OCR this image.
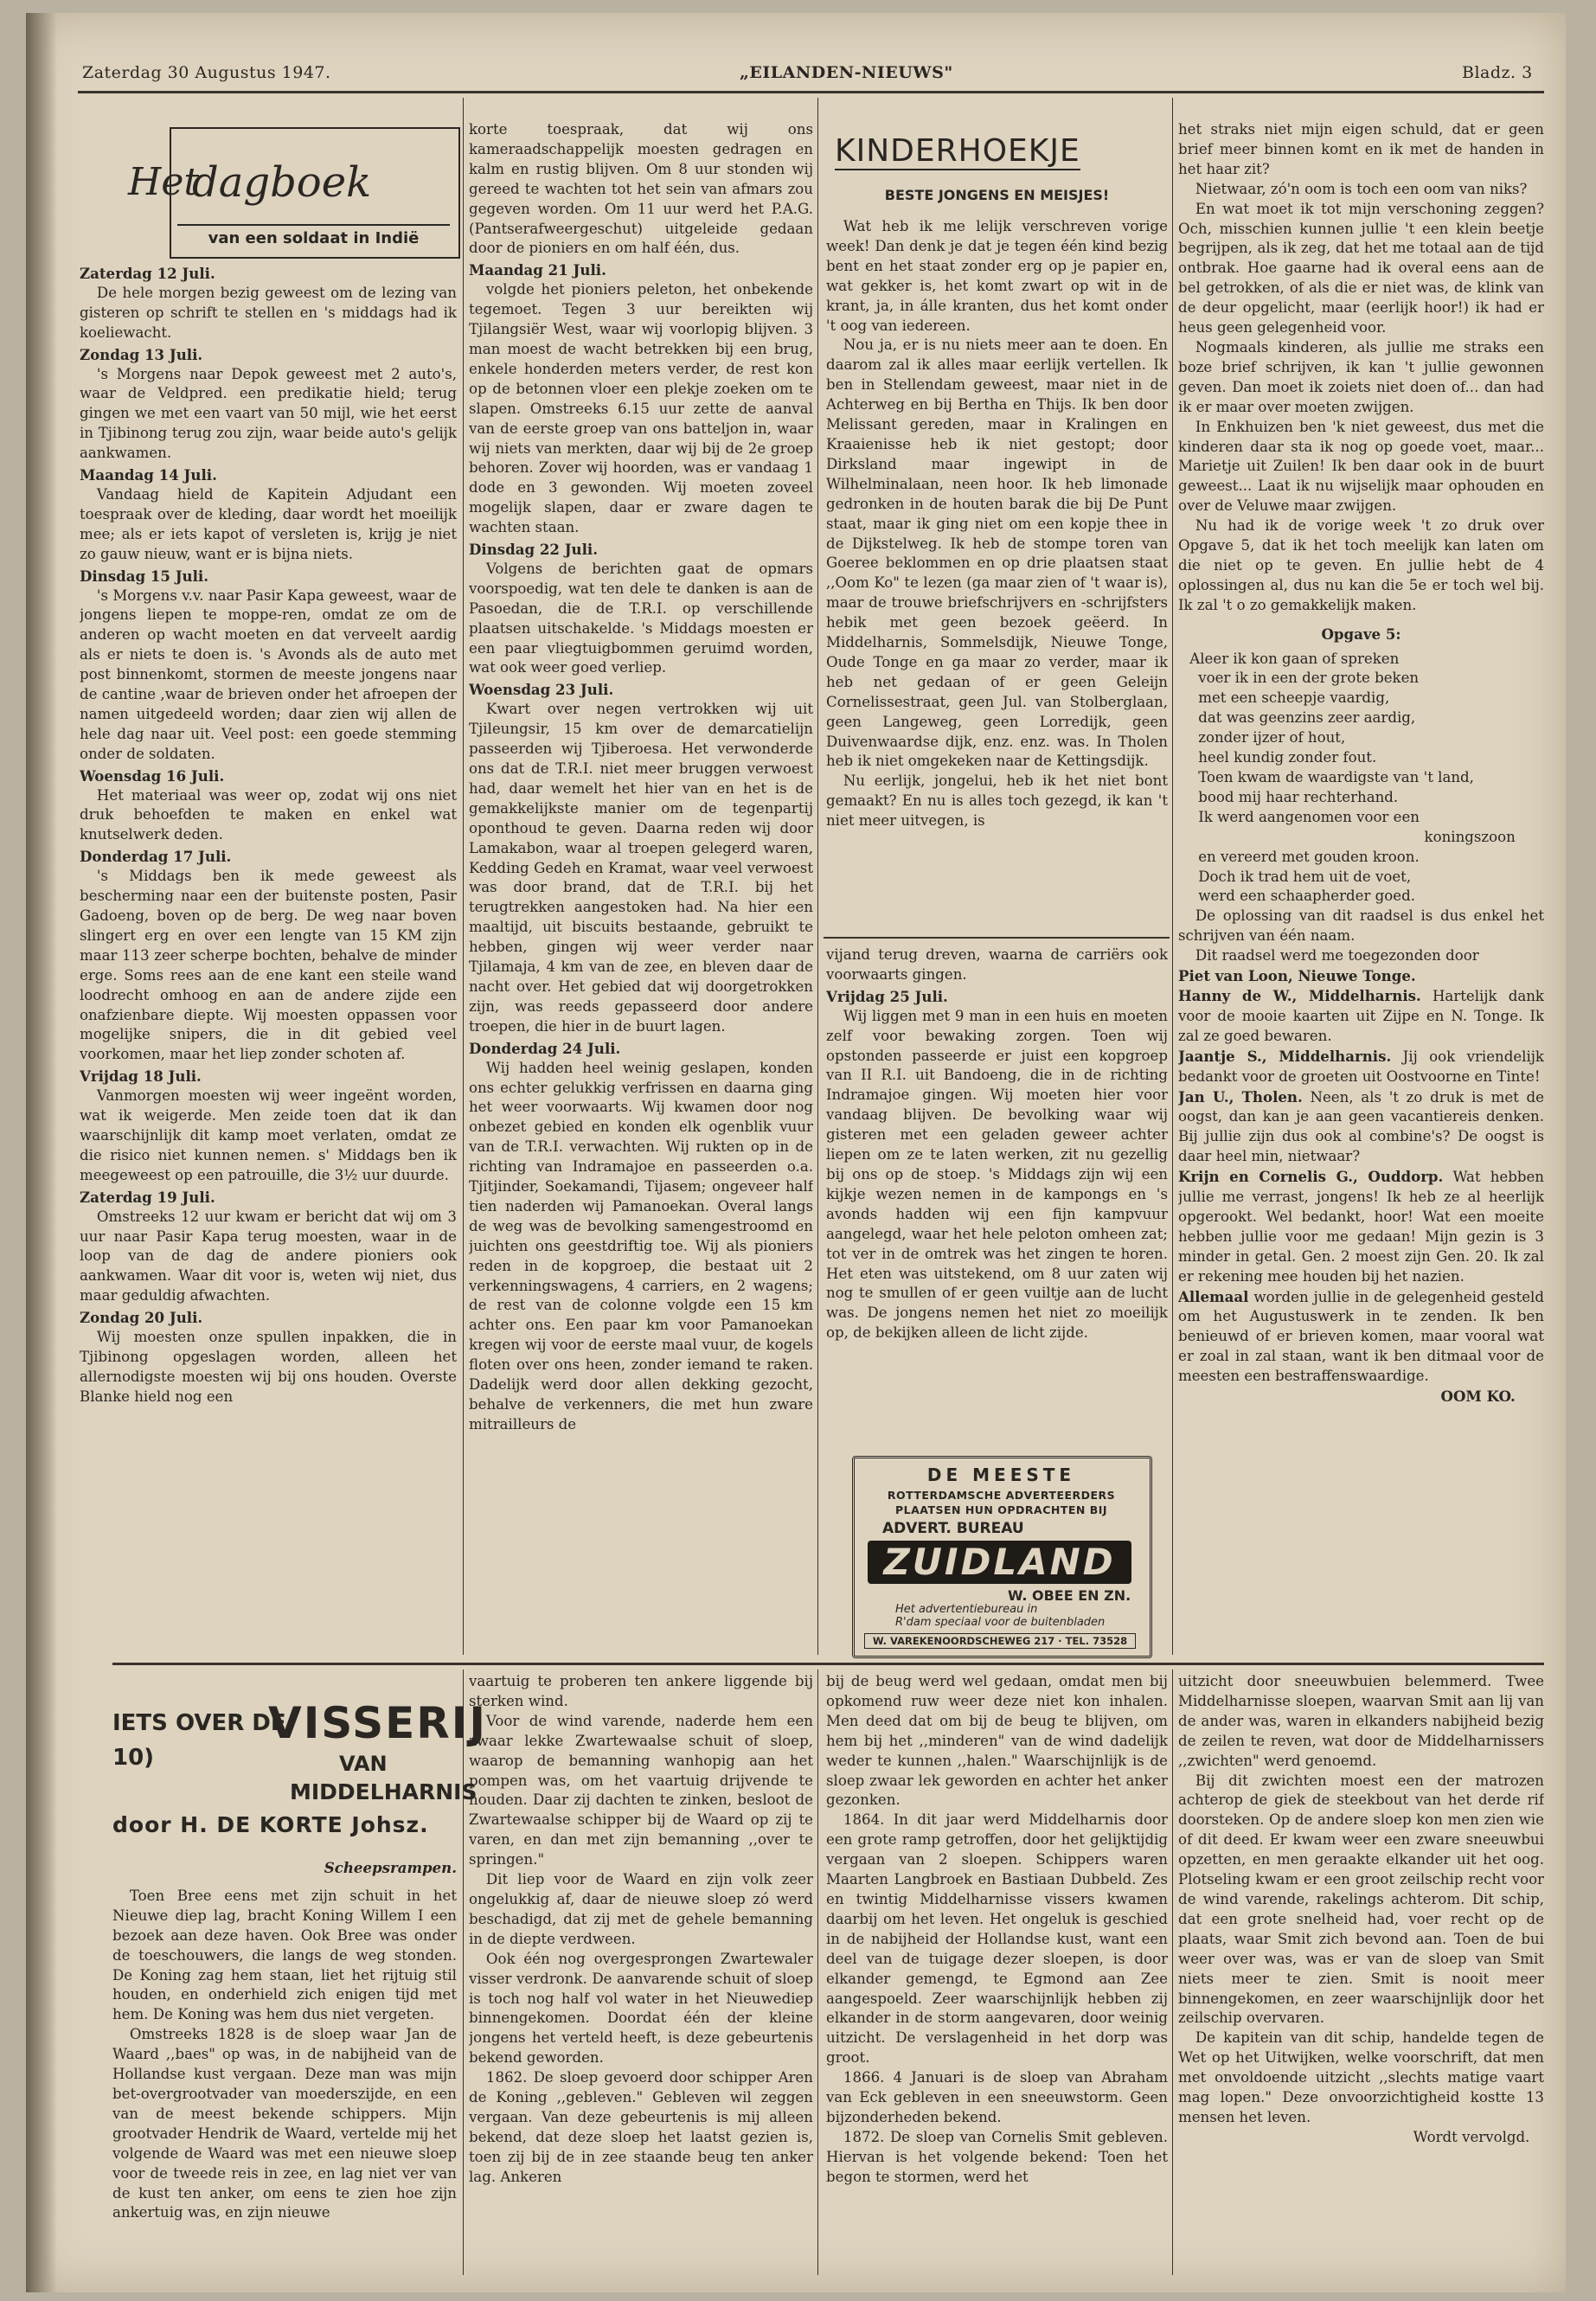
Zaterdag 30 Augustus 1947.	„EILANDEN-NIEUWS"	Bladz. 3
Het
dagboek
van een soldaat in Indië

Zaterdag 12 Juli.

De hele morgen bezig geweest om de lezing van gisteren op schrift te stellen en 's middags had ik koeliewacht.

Zondag 13 Juli.

's Morgens naar Depok geweest met 2 auto's, waar de Veldpred. een predikatie hield; terug gingen we met een vaart van 50 mijl, wie het eerst in Tjibinong terug zou zijn, waar beide auto's gelijk aankwamen.

Maandag 14 Juli.

Vandaag hield de Kapitein Adjudant een toespraak over de kleding, daar wordt het moeilijk mee; als er iets kapot of versleten is, krijg je niet zo gauw nieuw, want er is bijna niets.

Dinsdag 15 Juli.

's Morgens v.v. naar Pasir Kapa geweest, waar de jongens liepen te moppe-ren, omdat ze om de anderen op wacht moeten en dat verveelt aardig als er niets te doen is. 's Avonds als de auto met post binnenkomt, stormen de meeste jongens naar de cantine ,waar de brieven onder het afroepen der namen uitgedeeld worden; daar zien wij allen de hele dag naar uit. Veel post: een goede stemming onder de soldaten.

Woensdag 16 Juli.

Het materiaal was weer op, zodat wij ons niet druk behoefden te maken en enkel wat knutselwerk deden.

Donderdag 17 Juli.

's Middags ben ik mede geweest als bescherming naar een der buitenste posten, Pasir Gadoeng, boven op de berg. De weg naar boven slingert erg en over een lengte van 15 KM zijn maar 113 zeer scherpe bochten, behalve de minder erge. Soms rees aan de ene kant een steile wand loodrecht omhoog en aan de andere zijde een onafzienbare diepte. Wij moesten oppassen voor mogelijke snipers, die in dit gebied veel voorkomen, maar het liep zonder schoten af.

Vrijdag 18 Juli.

Vanmorgen moesten wij weer ingeënt worden, wat ik weigerde. Men zeide toen dat ik dan waarschijnlijk dit kamp moet verlaten, omdat ze die risico niet kunnen nemen. s' Middags ben ik meegeweest op een patrouille, die 3½ uur duurde.

Zaterdag 19 Juli.

Omstreeks 12 uur kwam er bericht dat wij om 3 uur naar Pasir Kapa terug moesten, waar in de loop van de dag de andere pioniers ook aankwamen. Waar dit voor is, weten wij niet, dus maar geduldig afwachten.

Zondag 20 Juli.

Wij moesten onze spullen inpakken, die in Tjibinong opgeslagen worden, alleen het allernodigste moesten wij bij ons houden. Overste Blanke hield nog een

korte toespraak, dat wij ons kameraadschappelijk moesten gedragen en kalm en rustig blijven. Om 8 uur stonden wij gereed te wachten tot het sein van afmars zou gegeven worden. Om 11 uur werd het P.A.G. (Pantserafweergeschut) uitgeleide gedaan door de pioniers en om half één, dus.

Maandag 21 Juli.

volgde het pioniers peleton, het onbekende tegemoet. Tegen 3 uur bereikten wij Tjilangsiër West, waar wij voorlopig blijven. 3 man moest de wacht betrekken bij een brug, enkele honderden meters verder, de rest kon op de betonnen vloer een plekje zoeken om te slapen. Omstreeks 6.15 uur zette de aanval van de eerste groep van ons batteljon in, waar wij niets van merkten, daar wij bij de 2e groep behoren. Zover wij hoorden, was er vandaag 1 dode en 3 gewonden. Wij moeten zoveel mogelijk slapen, daar er zware dagen te wachten staan.

Dinsdag 22 Juli.

Volgens de berichten gaat de opmars voorspoedig, wat ten dele te danken is aan de Pasoedan, die de T.R.I. op verschillende plaatsen uitschakelde. 's Middags moesten er een paar vliegtuigbommen geruimd worden, wat ook weer goed verliep.

Woensdag 23 Juli.

Kwart over negen vertrokken wij uit Tjileungsir, 15 km over de demarcatielijn passeerden wij Tjiberoesa. Het verwonderde ons dat de T.R.I. niet meer bruggen verwoest had, daar wemelt het hier van en het is de gemakkelijkste manier om de tegenpartij oponthoud te geven. Daarna reden wij door Lamakabon, waar al troepen gelegerd waren, Kedding Gedeh en Kramat, waar veel verwoest was door brand, dat de T.R.I. bij het terugtrekken aangestoken had. Na hier een maaltijd, uit biscuits bestaande, gebruikt te hebben, gingen wij weer verder naar Tjilamaja, 4 km van de zee, en bleven daar de nacht over. Het gebied dat wij doorgetrokken zijn, was reeds gepasseerd door andere troepen, die hier in de buurt lagen.

Donderdag 24 Juli.

Wij hadden heel weinig geslapen, konden ons echter gelukkig verfrissen en daarna ging het weer voorwaarts. Wij kwamen door nog onbezet gebied en konden elk ogenblik vuur van de T.R.I. verwachten. Wij rukten op in de richting van Indramajoe en passeerden o.a. Tjitjinder, Soekamandi, Tijasem; ongeveer half tien naderden wij Pamanoekan. Overal langs de weg was de bevolking samengestroomd en juichten ons geestdriftig toe. Wij als pioniers reden in de kopgroep, die bestaat uit 2 verkenningswagens, 4 carriers, en 2 wagens; de rest van de colonne volgde een 15 km achter ons. Een paar km voor Pamanoekan kregen wij voor de eerste maal vuur, de kogels floten over ons heen, zonder iemand te raken. Dadelijk werd door allen dekking gezocht, behalve de verkenners, die met hun zware mitrailleurs de

KINDERHOEKJE
BESTE JONGENS EN MEISJES!

Wat heb ik me lelijk verschreven vorige week! Dan denk je dat je tegen één kind bezig bent en het staat zonder erg op je papier en, wat gekker is, het komt zwart op wit in de krant, ja, in álle kranten, dus het komt onder 't oog van iedereen.

Nou ja, er is nu niets meer aan te doen. En daarom zal ik alles maar eerlijk vertellen. Ik ben in Stellendam geweest, maar niet in de Achterweg en bij Bertha en Thijs. Ik ben door Melissant gereden, maar in Kralingen en Kraaienisse heb ik niet gestopt; door Dirksland maar ingewipt in de Wilhelminalaan, neen hoor. Ik heb limonade gedronken in de houten barak die bij De Punt staat, maar ik ging niet om een kopje thee in de Dijkstelweg. Ik heb de stompe toren van Goeree beklommen en op drie plaatsen staat ,,Oom Ko" te lezen (ga maar zien of 't waar is), maar de trouwe briefschrijvers en -schrijfsters hebik met geen bezoek geëerd. In Middelharnis, Sommelsdijk, Nieuwe Tonge, Oude Tonge en ga maar zo verder, maar ik heb net gedaan of er geen Geleijn Cornelissestraat, geen Jul. van Stolberglaan, geen Langeweg, geen Lorredijk, geen Duivenwaardse dijk, enz. enz. was. In Tholen heb ik niet omgekeken naar de Kettingsdijk.

Nu eerlijk, jongelui, heb ik het niet bont gemaakt? En nu is alles toch gezegd, ik kan 't niet meer uitvegen, is

vijand terug dreven, waarna de carriërs ook voorwaarts gingen.

Vrijdag 25 Juli.

Wij liggen met 9 man in een huis en moeten zelf voor bewaking zorgen. Toen wij opstonden passeerde er juist een kopgroep van II R.I. uit Bandoeng, die in de richting Indramajoe gingen. Wij moeten hier voor vandaag blijven. De bevolking waar wij gisteren met een geladen geweer achter liepen om ze te laten werken, zit nu gezellig bij ons op de stoep. 's Middags zijn wij een kijkje wezen nemen in de kampongs en 's avonds hadden wij een fijn kampvuur aangelegd, waar het hele peloton omheen zat; tot ver in de omtrek was het zingen te horen. Het eten was uitstekend, om 8 uur zaten wij nog te smullen of er geen vuiltje aan de lucht was. De jongens nemen het niet zo moeilijk op, de bekijken alleen de licht zijde.

het straks niet mijn eigen schuld, dat er geen brief meer binnen komt en ik met de handen in het haar zit?

Nietwaar, zó'n oom is toch een oom van niks?

En wat moet ik tot mijn verschoning zeggen? Och, misschien kunnen jullie 't een klein beetje begrijpen, als ik zeg, dat het me totaal aan de tijd ontbrak. Hoe gaarne had ik overal eens aan de bel getrokken, of als die er niet was, de klink van de deur opgelicht, maar (eerlijk hoor!) ik had er heus geen gelegenheid voor.

Nogmaals kinderen, als jullie me straks een boze brief schrijven, ik kan 't jullie gewonnen geven. Dan moet ik zoiets niet doen of... dan had ik er maar over moeten zwijgen.

In Enkhuizen ben 'k niet geweest, dus met die kinderen daar sta ik nog op goede voet, maar... Marietje uit Zuilen! Ik ben daar ook in de buurt geweest... Laat ik nu wijselijk maar ophouden en over de Veluwe maar zwijgen.

Nu had ik de vorige week 't zo druk over Opgave 5, dat ik het toch meelijk kan laten om die niet op te geven. En jullie hebt de 4 oplossingen al, dus nu kan die 5e er toch wel bij. Ik zal 't o zo gemakkelijk maken.

Opgave 5:

Aleer ik kon gaan of spreken

voer ik in een der grote beken

met een scheepje vaardig,

dat was geenzins zeer aardig,

zonder ijzer of hout,

heel kundig zonder fout.

Toen kwam de waardigste van 't land,

bood mij haar rechterhand.

Ik werd aangenomen voor een

koningszoon

en vereerd met gouden kroon.

Doch ik trad hem uit de voet,

werd een schaapherder goed.

De oplossing van dit raadsel is dus enkel het schrijven van één naam.

Dit raadsel werd me toegezonden door

Piet van Loon, Nieuwe Tonge.

Hanny de W., Middelharnis. Hartelijk dank voor de mooie kaarten uit Zijpe en N. Tonge. Ik zal ze goed bewaren.

Jaantje S., Middelharnis. Jij ook vriendelijk bedankt voor de groeten uit Oostvoorne en Tinte!

Jan U., Tholen. Neen, als 't zo druk is met de oogst, dan kan je aan geen vacantiereis denken. Bij jullie zijn dus ook al combine's? De oogst is daar heel min, nietwaar?

Krijn en Cornelis G., Ouddorp. Wat hebben jullie me verrast, jongens! Ik heb ze al heerlijk opgerookt. Wel bedankt, hoor! Wat een moeite hebben jullie voor me gedaan! Mijn gezin is 3 minder in getal. Gen. 2 moest zijn Gen. 20. Ik zal er rekening mee houden bij het nazien.

Allemaal worden jullie in de gelegenheid gesteld om het Augustuswerk in te zenden. Ik ben benieuwd of er brieven komen, maar vooral wat er zoal in zal staan, want ik ben ditmaal voor de meesten een bestraffenswaardige.

OOM KO.

DE MEESTE
ROTTERDAMSCHE ADVERTEERDERS
PLAATSEN HUN OPDRACHTEN BIJ
ADVERT. BUREAU
ZUIDLAND
W. OBEE EN ZN.
Het advertentiebureau in
R'dam speciaal voor de buitenbladen
W. VAREKENOORDSCHEWEG 217 · TEL. 73528
IETS OVER DE
VISSERIJ
10)	VAN
MIDDELHARNIS
door H. DE KORTE Johsz.

Scheepsrampen.

Toen Bree eens met zijn schuit in het Nieuwe diep lag, bracht Koning Willem I een bezoek aan deze haven. Ook Bree was onder de toeschouwers, die langs de weg stonden. De Koning zag hem staan, liet het rijtuig stil houden, en onderhield zich enigen tijd met hem. De Koning was hem dus niet vergeten.

Omstreeks 1828 is de sloep waar Jan de Waard ,,baes" op was, in de nabijheid van de Hollandse kust vergaan. Deze man was mijn bet-overgrootvader van moederszijde, en een van de meest bekende schippers. Mijn grootvader Hendrik de Waard, vertelde mij het volgende de Waard was met een nieuwe sloep voor de tweede reis in zee, en lag niet ver van de kust ten anker, om eens te zien hoe zijn ankertuig was, en zijn nieuwe

vaartuig te proberen ten ankere liggende bij sterken wind.

Voor de wind varende, naderde hem een zwaar lekke Zwartewaalse schuit of sloep, waarop de bemanning wanhopig aan het pompen was, om het vaartuig drijvende te houden. Daar zij dachten te zinken, besloot de Zwartewaalse schipper bij de Waard op zij te varen, en dan met zijn bemanning ,,over te springen."

Dit liep voor de Waard en zijn volk zeer ongelukkig af, daar de nieuwe sloep zó werd beschadigd, dat zij met de gehele bemanning in de diepte verdween.

Ook één nog overgesprongen Zwartewaler visser verdronk. De aanvarende schuit of sloep is toch nog half vol water in het Nieuwediep binnengekomen. Doordat één der kleine jongens het verteld heeft, is deze gebeurtenis bekend geworden.

1862. De sloep gevoerd door schipper Aren de Koning ,,gebleven." Gebleven wil zeggen vergaan. Van deze gebeurtenis is mij alleen bekend, dat deze sloep het laatst gezien is, toen zij bij de in zee staande beug ten anker lag. Ankeren

bij de beug werd wel gedaan, omdat men bij opkomend ruw weer deze niet kon inhalen. Men deed dat om bij de beug te blijven, om hem bij het ,,minderen" van de wind dadelijk weder te kunnen ,,halen." Waarschijnlijk is de sloep zwaar lek geworden en achter het anker gezonken.

1864. In dit jaar werd Middelharnis door een grote ramp getroffen, door het gelijktijdig vergaan van 2 sloepen. Schippers waren Maarten Langbroek en Bastiaan Dubbeld. Zes en twintig Middelharnisse vissers kwamen daarbij om het leven. Het ongeluk is geschied in de nabijheid der Hollandse kust, want een deel van de tuigage dezer sloepen, is door elkander gemengd, te Egmond aan Zee aangespoeld. Zeer waarschijnlijk hebben zij elkander in de storm aangevaren, door weinig uitzicht. De verslagenheid in het dorp was groot.

1866. 4 Januari is de sloep van Abraham van Eck gebleven in een sneeuwstorm. Geen bijzonderheden bekend.

1872. De sloep van Cornelis Smit gebleven. Hiervan is het volgende bekend: Toen het begon te stormen, werd het

uitzicht door sneeuwbuien belemmerd. Twee Middelharnisse sloepen, waarvan Smit aan lij van de ander was, waren in elkanders nabijheid bezig de zeilen te reven, wat door de Middelharnissers ,,zwichten" werd genoemd.

Bij dit zwichten moest een der matrozen achterop de giek de steekbout van het derde rif doorsteken. Op de andere sloep kon men zien wie of dit deed. Er kwam weer een zware sneeuwbui opzetten, en men geraakte elkander uit het oog. Plotseling kwam er een groot zeilschip recht voor de wind varende, rakelings achterom. Dit schip, dat een grote snelheid had, voer recht op de plaats, waar Smit zich bevond aan. Toen de bui weer over was, was er van de sloep van Smit niets meer te zien. Smit is nooit meer binnengekomen, en zeer waarschijnlijk door het zeilschip overvaren.

De kapitein van dit schip, handelde tegen de Wet op het Uitwijken, welke voorschrift, dat men met onvoldoende uitzicht ,,slechts matige vaart mag lopen." Deze onvoorzichtigheid kostte 13 mensen het leven.

Wordt vervolgd.
